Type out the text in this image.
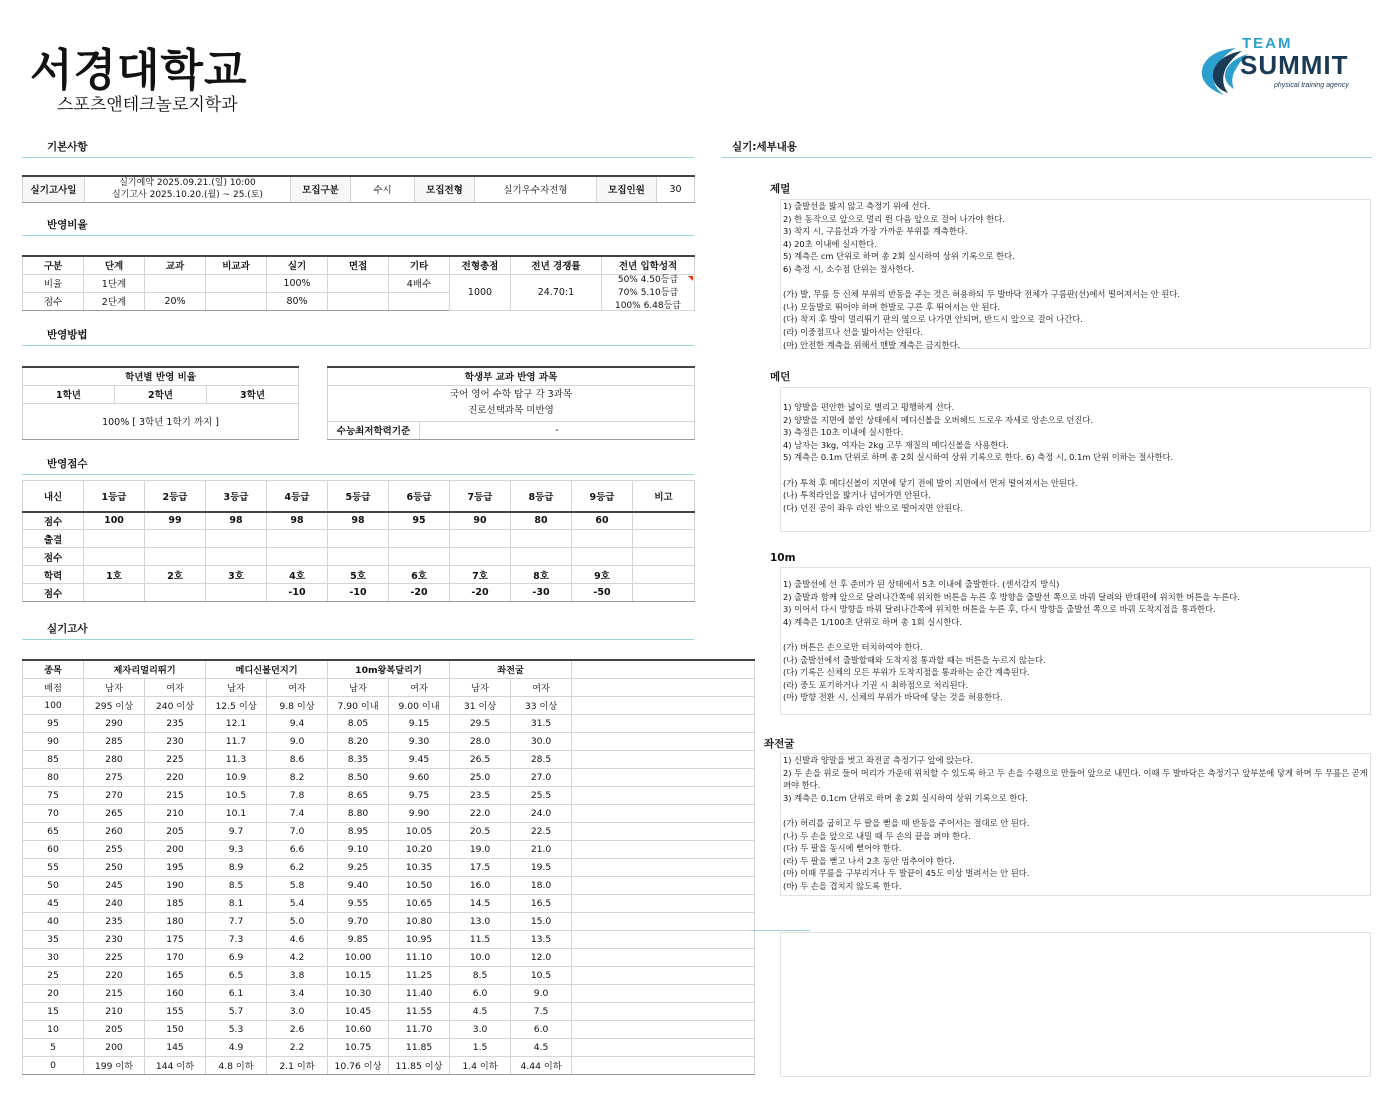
서경대학교
스포츠앤테크놀로지학과
TEAM
SUMMIT
physical training agency
기본사항
반영비율
반영방법
반영점수
실기고사
실기:세부내용
실기고사일	
실기예약 2025.09.21.(일) 10:00
실기고사 2025.10.20.(월) ~ 25.(토)	모집구분	수시	모집전형	실기우수자전형	모집인원	30
구분	단계	교과	비교과	실기	면접	기타	전형총점	전년 경쟁률	전년 입학성적
비율	1단계			100%		4배수	1000	24.70:1	50% 4.50등급
70% 5.10등급
100% 6.48등급

점수	2단계	20%		80%					
학년별 반영 비율
1학년	2학년	3학년
100% [ 3학년 1학기 까지 ]
학생부 교과 반영 과목

국어 영어 수학 탐구 각 3과목
진로선택과목 미반영

수능최저학력기준	-
내신	1등급	2등급	3등급	4등급	5등급	6등급	7등급	8등급	9등급	비고
점수	100	99	98	98	98	95	90	80	60	
출결										
점수										
학력	1호	2호	3호	4호	5호	6호	7호	8호	9호	
점수				-10	-10	-20	-20	-30	-50	
종목	제자리멀리뛰기		메디신볼던지기		10m왕복달리기		좌전굴		
배점	남자	여자	남자	여자	남자	여자	남자	여자	
100	295 이상	240 이상	12.5 이상	9.8 이상	7.90 이내	9.00 이내	31 이상	33 이상	
95	290	235	12.1	9.4	8.05	9.15	29.5	31.5	
90	285	230	11.7	9.0	8.20	9.30	28.0	30.0	
85	280	225	11.3	8.6	8.35	9.45	26.5	28.5	
80	275	220	10.9	8.2	8.50	9.60	25.0	27.0	
75	270	215	10.5	7.8	8.65	9.75	23.5	25.5	
70	265	210	10.1	7.4	8.80	9.90	22.0	24.0	
65	260	205	9.7	7.0	8.95	10.05	20.5	22.5	
60	255	200	9.3	6.6	9.10	10.20	19.0	21.0	
55	250	195	8.9	6.2	9.25	10.35	17.5	19.5	
50	245	190	8.5	5.8	9.40	10.50	16.0	18.0	
45	240	185	8.1	5.4	9.55	10.65	14.5	16.5	
40	235	180	7.7	5.0	9.70	10.80	13.0	15.0	
35	230	175	7.3	4.6	9.85	10.95	11.5	13.5	
30	225	170	6.9	4.2	10.00	11.10	10.0	12.0	
25	220	165	6.5	3.8	10.15	11.25	8.5	10.5	
20	215	160	6.1	3.4	10.30	11.40	6.0	9.0	
15	210	155	5.7	3.0	10.45	11.55	4.5	7.5	
10	205	150	5.3	2.6	10.60	11.70	3.0	6.0	
5	200	145	4.9	2.2	10.75	11.85	1.5	4.5	
0	199 이하	144 이하	4.8 이하	2.1 이하	10.76 이상	11.85 이상	1.4 이하	4.44 이하	
제멀

1) 출발선을 밟지 않고 측정기 위에 선다.

2) 한 동작으로 앞으로 멀리 뛴 다음 앞으로 걸어 나가야 한다.

3) 착지 시, 구름선과 가장 가까운 부위를 계측한다.

4) 20초 이내에 실시한다.

5) 계측은 cm 단위로 하며 총 2회 실시하여 상위 기록으로 한다.

6) 측정 시, 소수점 단위는 절사한다.

(가) 발, 무릎 등 신체 부위의 반동을 주는 것은 허용하되 두 발바닥 전체가 구름판(선)에서 떨어져서는 안 된다.

(나) 모둠발로 뛰어야 하며 한발로 구른 후 뛰어서는 안 된다.

(다) 착지 후 발이 멀리뛰기 판의 옆으로 나가면 안되며, 반드시 앞으로 걸어 나간다.

(라) 이중점프나 선을 밟아서는 안된다.

(마) 안전한 계측을 위해서 맨발 계측은 금지한다.

메던

1) 양발을 편안한 넓이로 벌리고 평행하게 선다.

2) 양발을 지면에 붙인 상태에서 메디신볼을 오버헤드 드로우 자세로 앙손으로 던진다.

3) 측정은 10초 이내에 실시한다.

4) 남자는 3kg, 여자는 2kg 고무 재질의 메디신볼을 사용한다.

5) 계측은 0.1m 단위로 하며 총 2회 실시하여 상위 기록으로 한다. 6) 측정 시, 0.1m 단위 이하는 절사한다.

(가) 투척 후 메디신볼이 지면에 닿기 전에 발이 지면에서 먼저 떨어져서는 안된다.

(나) 투척라인을 밟거나 넘어가면 안된다.

(다) 던진 공이 좌우 라인 밖으로 떨어지면 안된다.

10m

1) 출발선에 선 후 준비가 된 상태에서 5초 이내에 출발한다. (센서감지 방식)

2) 출발과 함께 앞으로 달려나간쪽에 위치한 버튼을 누른 후 방향을 출발선 쪽으로 바꿔 달려와 반대편에 위치한 버튼을 누른다.

3) 이어서 다시 방향을 바꿔 달려나간쪽에 위치한 버튼을 누른 후, 다시 방향을 출발선 쪽으로 바꿔 도착지점을 통과한다.

4) 계측은 1/100초 단위로 하며 총 1회 실시한다.

(가) 버튼은 손으로만 터치하여야 한다.

(나) 출발선에서 출발할때와 도착지점 통과할 때는 버튼을 누르지 않는다.

(다) 기록은 신체의 모든 부위가 도착지점을 통과하는 순간 계측된다.

(라) 중도 포기하거나 기권 시 최하점으로 처리된다.

(마) 방향 전환 시, 신체의 부위가 바닥에 닿는 것을 허용한다.

좌전굴

1) 신발과 양말을 벗고 좌전굴 측정기구 앞에 앉는다.

2) 두 손을 위로 들어 머리가 가운데 위치할 수 있도록 하고 두 손을 수평으로 만들어 앞으로 내민다. 이때 두 발바닥은 측정기구 앞부분에 닿게 하며 두 무릎은 곧게 펴야 한다.

3) 계측은 0.1cm 단위로 하며 총 2회 실시하여 상위 기록으로 한다.

(가) 허리를 굽히고 두 팔을 뻗을 때 반동을 주어서는 절대로 안 된다.

(나) 두 손을 앞으로 내밀 때 두 손의 끝을 펴야 한다.

(다) 두 팔을 동시에 뻗어야 한다.

(라) 두 팔을 뻗고 나서 2초 동안 멈추어야 한다.

(마) 이때 무릎을 구부리거나 두 발끝이 45도 이상 벌려서는 안 된다.

(바) 두 손을 겹치지 않도록 한다.
